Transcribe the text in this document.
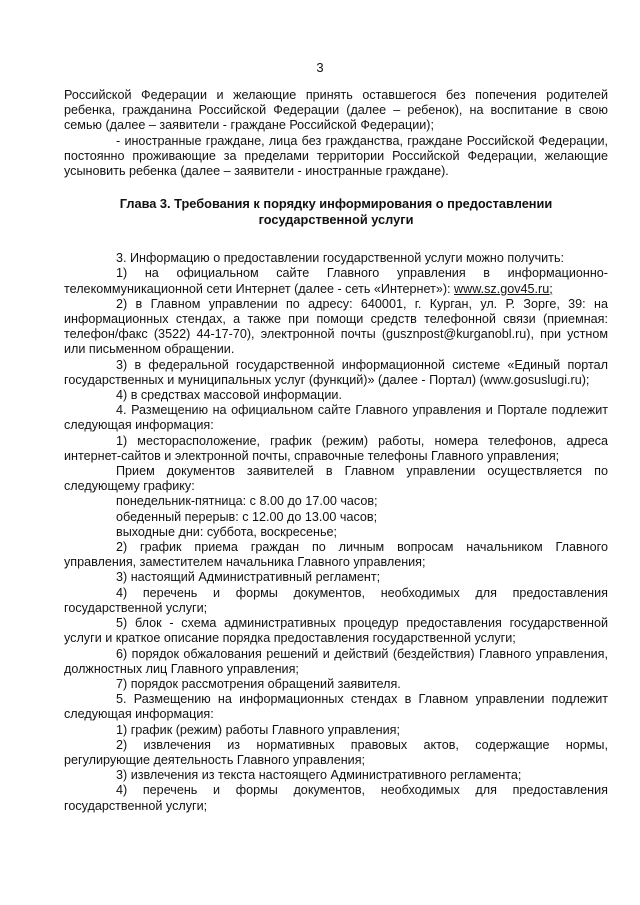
3

Российской Федерации и желающие принять оставшегося без попечения родителей ребенка, гражданина Российской Федерации (далее – ребенок), на воспитание в свою семью (далее – заявители - граждане Российской Федерации);

- иностранные граждане, лица без гражданства, граждане Российской Федерации, постоянно проживающие за пределами территории Российской Федерации, желающие усыновить ребенка (далее – заявители - иностранные граждане).

Глава 3. Требования к порядку информирования о предоставлении государственной услуги

3. Информацию о предоставлении государственной услуги можно получить:

1) на официальном сайте Главного управления в информационно-телекоммуникационной сети Интернет (далее - сеть «Интернет»): www.sz.gov45.ru;

2) в Главном управлении по адресу: 640001, г. Курган, ул. Р. Зорге, 39: на информационных стендах, а также при помощи средств телефонной связи (приемная: телефон/факс (3522) 44-17-70), электронной почты (gusznpost@kurganobl.ru), при устном или письменном обращении.

3) в федеральной государственной информационной системе «Единый портал государственных и муниципальных услуг (функций)» (далее - Портал) (www.gosuslugi.ru);

4) в средствах массовой информации.

4. Размещению на официальном сайте Главного управления и Портале подлежит следующая информация:

1) месторасположение, график (режим) работы, номера телефонов, адреса интернет-сайтов и электронной почты, справочные телефоны Главного управления;

Прием документов заявителей в Главном управлении осуществляется по следующему графику:

понедельник-пятница: с 8.00 до 17.00 часов;

обеденный перерыв: с 12.00 до 13.00 часов;

выходные дни: суббота, воскресенье;

2) график приема граждан по личным вопросам начальником Главного управления, заместителем начальника Главного управления;

3) настоящий Административный регламент;

4) перечень и формы документов, необходимых для предоставления государственной услуги;

5) блок - схема административных процедур предоставления государственной услуги и краткое описание порядка предоставления государственной услуги;

6) порядок обжалования решений и действий (бездействия) Главного управления, должностных лиц Главного управления;

7) порядок рассмотрения обращений заявителя.

5. Размещению на информационных стендах в Главном управлении подлежит следующая информация:

1) график (режим) работы Главного управления;

2) извлечения из нормативных правовых актов, содержащие нормы, регулирующие деятельность Главного управления;

3) извлечения из текста настоящего Административного регламента;

4) перечень и формы документов, необходимых для предоставления государственной услуги;
